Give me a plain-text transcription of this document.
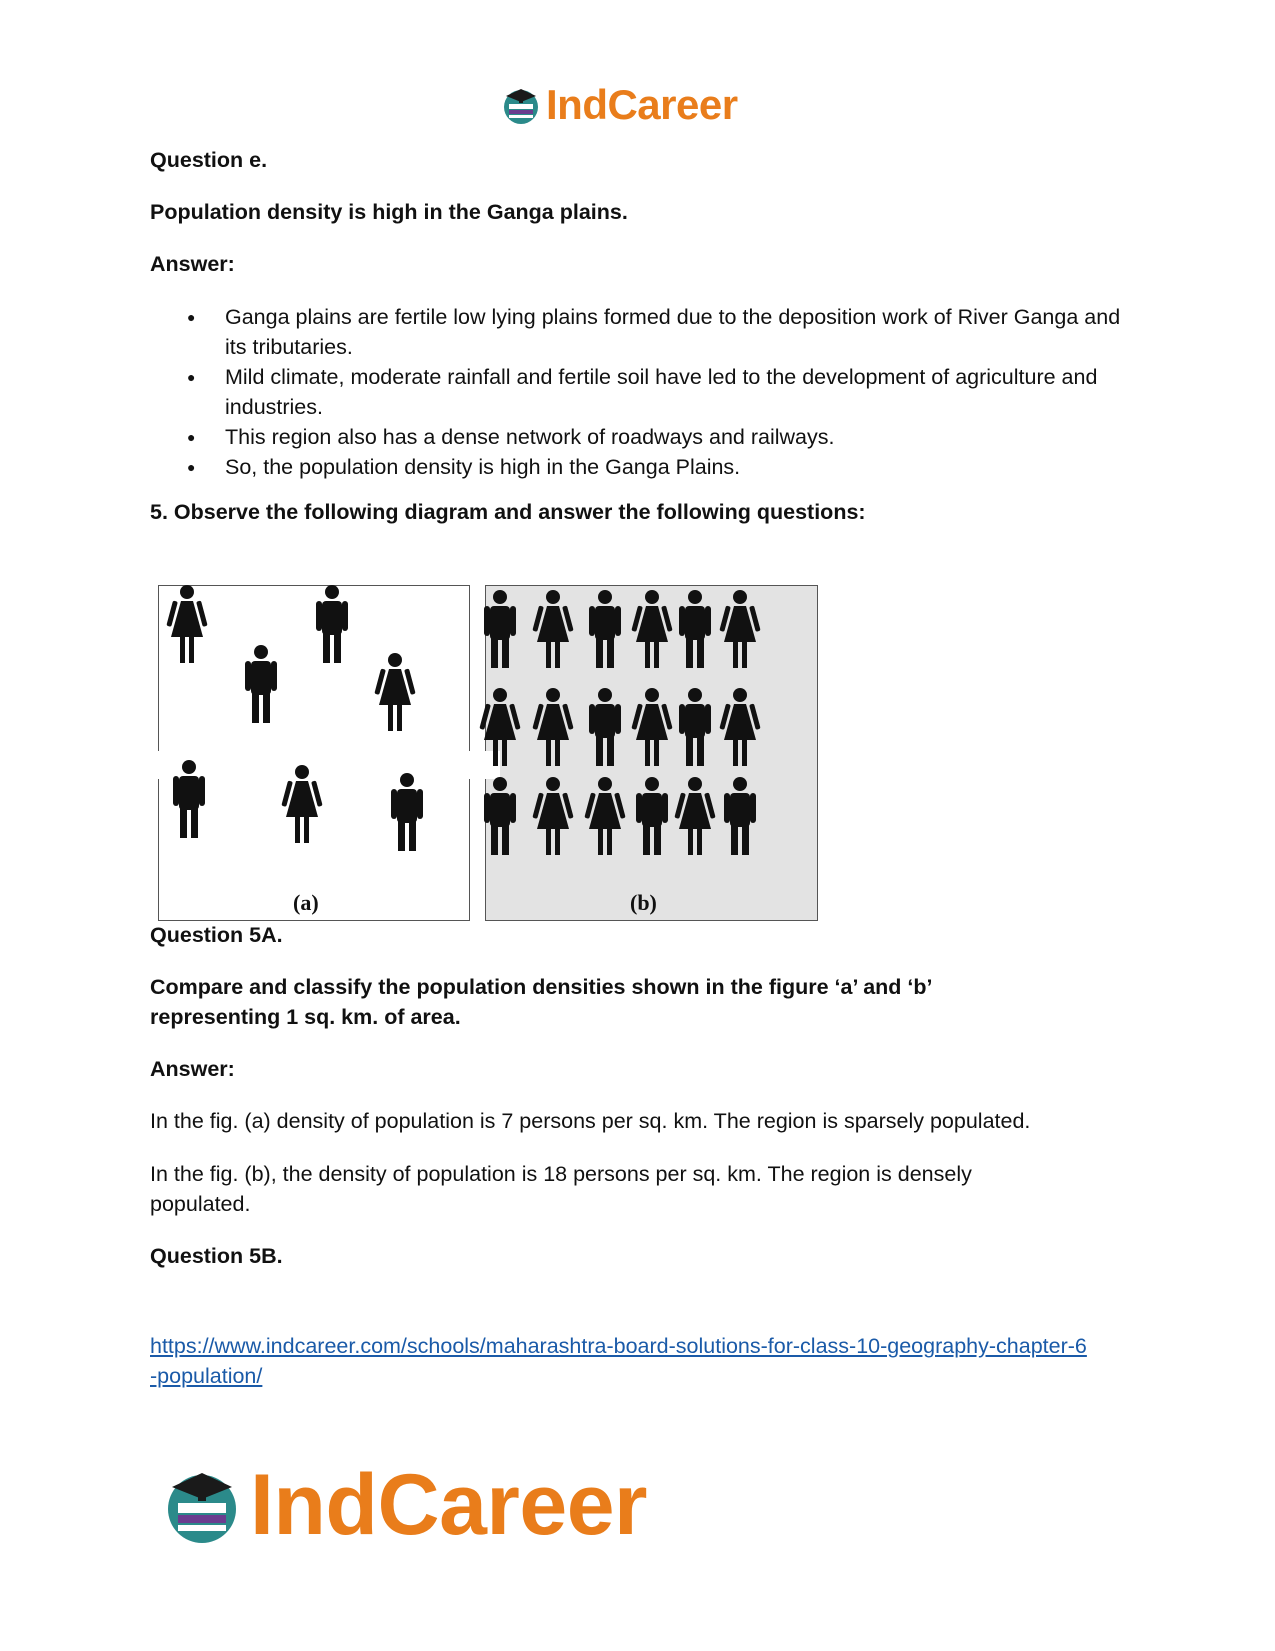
IndCareer
Question e.
Population density is high in the Ganga plains.
Answer:
● Ganga plains are fertile low lying plains formed due to the deposition work of River Ganga and its tributaries.
● Mild climate, moderate rainfall and fertile soil have led to the development of agriculture and industries.
● This region also has a dense network of roadways and railways.
● So, the population density is high in the Ganga Plains.
5. Observe the following diagram and answer the following questions:
Question 5A.
Compare and classify the population densities shown in the figure ‘a’ and ‘b’ representing 1 sq. km. of area.
Answer:
In the fig. (a) density of population is 7 persons per sq. km. The region is sparsely populated.
In the fig. (b), the density of population is 18 persons per sq. km. The region is densely populated.
Question 5B.
https://www.indcareer.com/schools/maharashtra-board-solutions-for-class-10-geography-chapter-6-population/
(a)	(b)
IndCareer
